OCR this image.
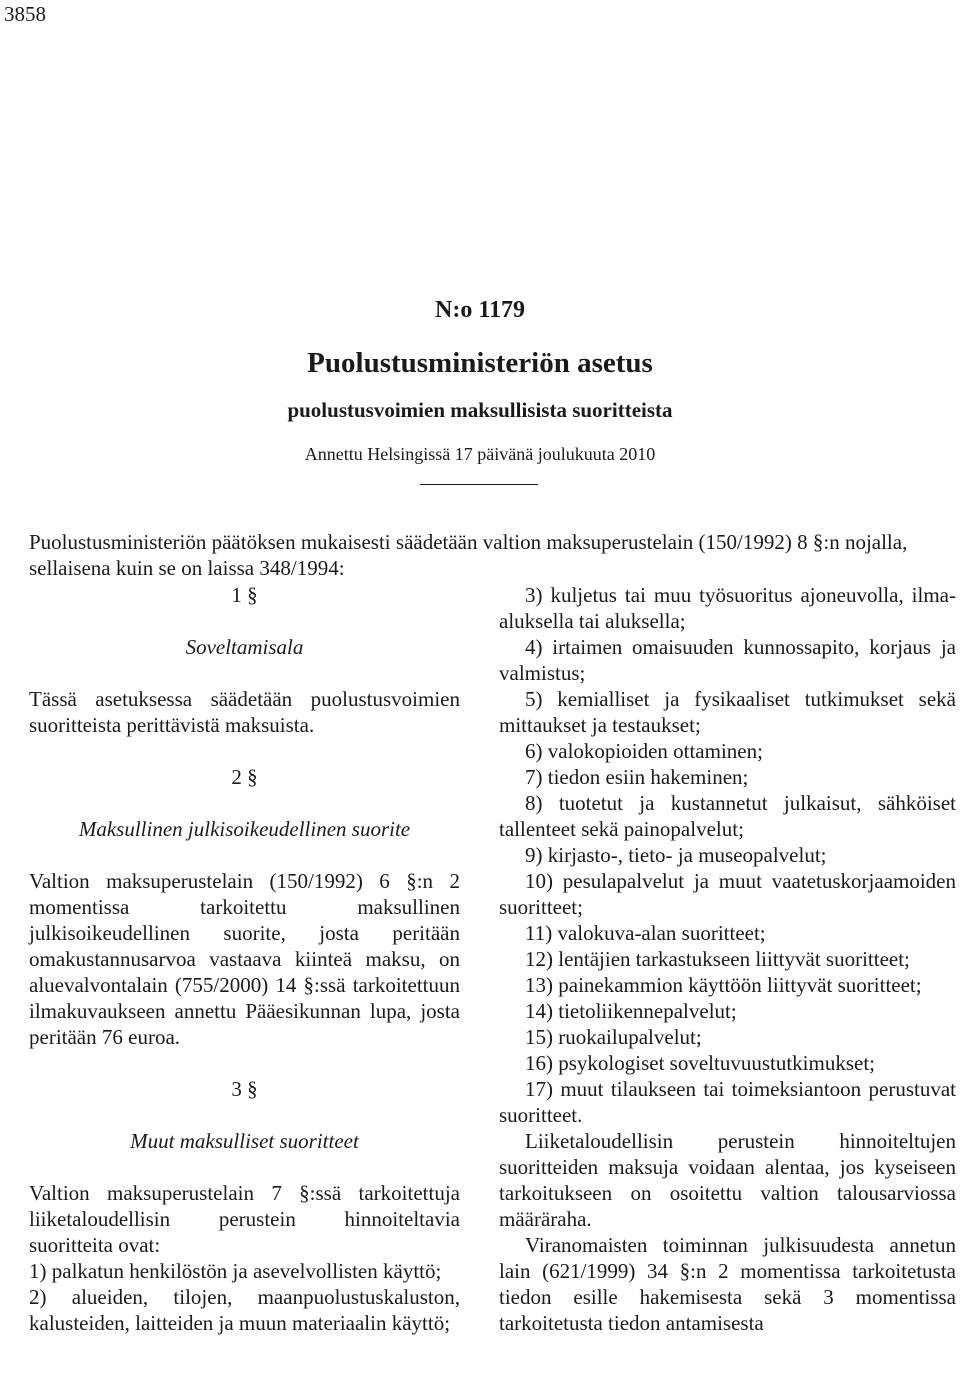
3858
N:o 1179
Puolustusministeriön asetus
puolustusvoimien maksullisista suoritteista
Annettu Helsingissä 17 päivänä joulukuuta 2010

Puolustusministeriön päätöksen mukaisesti säädetään valtion maksuperustelain (150/1992) 8 §:n nojalla, sellaisena kuin se on laissa 348/1994:

1 §

Soveltamisala

Tässä asetuksessa säädetään puolustusvoimien suoritteista perittävistä maksuista.

2 §

Maksullinen julkisoikeudellinen suorite

Valtion maksuperustelain (150/1992) 6 §:n 2 momentissa tarkoitettu maksullinen julkisoikeudellinen suorite, josta peritään omakustannusarvoa vastaava kiinteä maksu, on aluevalvontalain (755/2000) 14 §:ssä tarkoitettuun ilmakuvaukseen annettu Pääesikunnan lupa, josta peritään 76 euroa.

3 §

Muut maksulliset suoritteet

Valtion maksuperustelain 7 §:ssä tarkoitettuja liiketaloudellisin perustein hinnoiteltavia suoritteita ovat:

1) palkatun henkilöstön ja asevelvollisten käyttö;

2) alueiden, tilojen, maanpuolustuskaluston, kalusteiden, laitteiden ja muun materiaalin käyttö;

3) kuljetus tai muu työsuoritus ajoneuvolla, ilma-aluksella tai aluksella;

4) irtaimen omaisuuden kunnossapito, korjaus ja valmistus;

5) kemialliset ja fysikaaliset tutkimukset sekä mittaukset ja testaukset;

6) valokopioiden ottaminen;

7) tiedon esiin hakeminen;

8) tuotetut ja kustannetut julkaisut, sähköiset tallenteet sekä painopalvelut;

9) kirjasto-, tieto- ja museopalvelut;

10) pesulapalvelut ja muut vaatetuskorjaamoiden suoritteet;

11) valokuva-alan suoritteet;

12) lentäjien tarkastukseen liittyvät suoritteet;

13) painekammion käyttöön liittyvät suoritteet;

14) tietoliikennepalvelut;

15) ruokailupalvelut;

16) psykologiset soveltuvuustutkimukset;

17) muut tilaukseen tai toimeksiantoon perustuvat suoritteet.

Liiketaloudellisin perustein hinnoiteltujen suoritteiden maksuja voidaan alentaa, jos kyseiseen tarkoitukseen on osoitettu valtion talousarviossa määräraha.

Viranomaisten toiminnan julkisuudesta annetun lain (621/1999) 34 §:n 2 momentissa tarkoitetusta tiedon esille hakemisesta sekä 3 momentissa tarkoitetusta tiedon antamisesta
